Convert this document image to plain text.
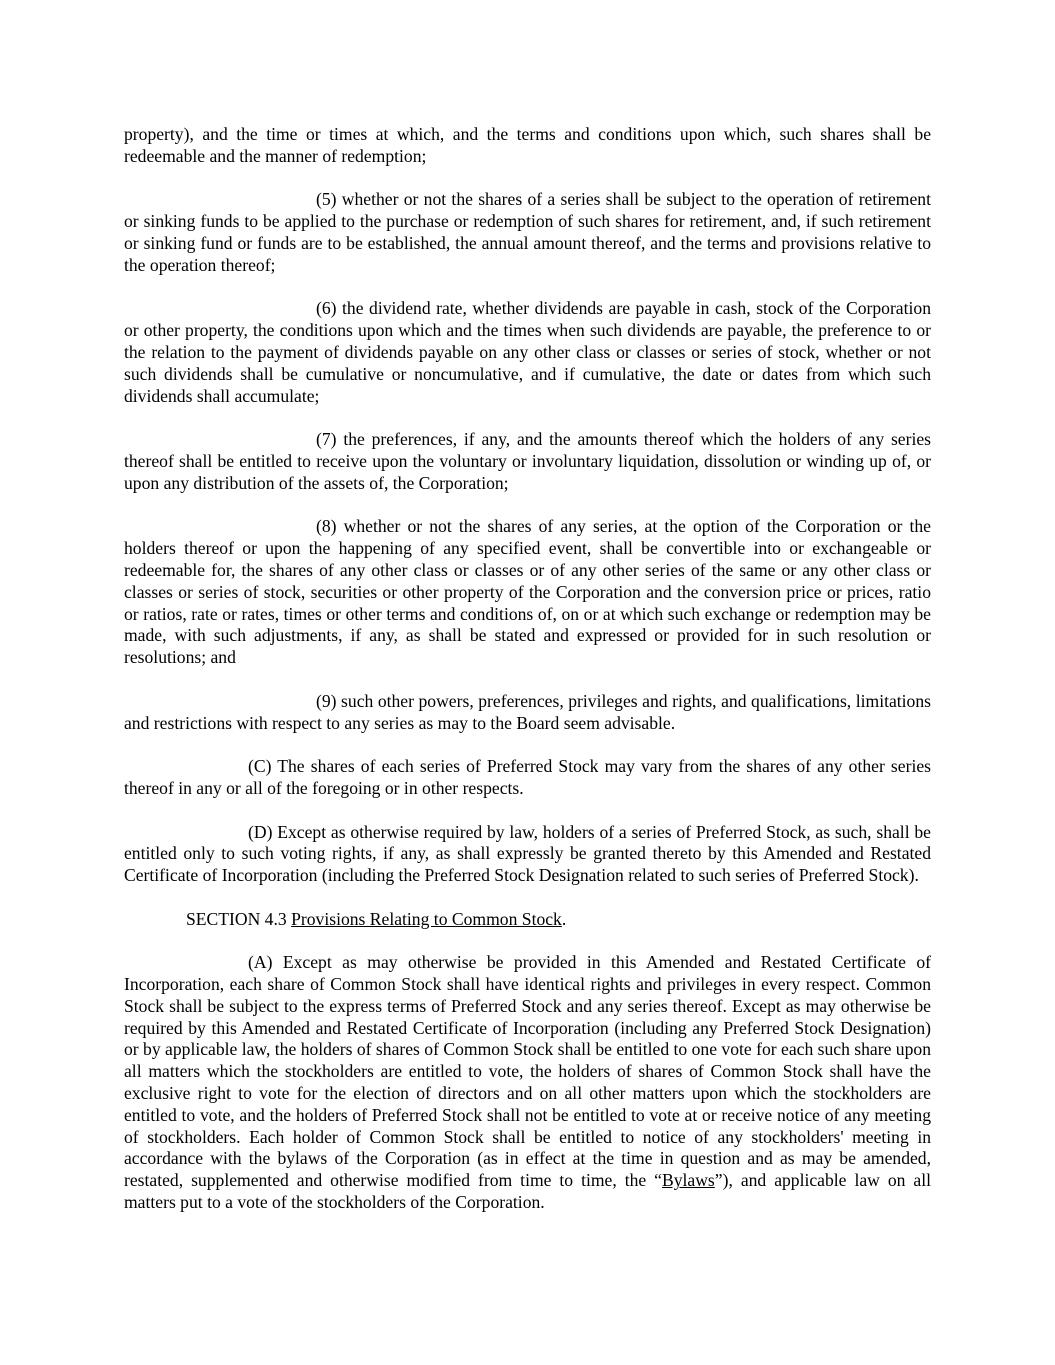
property), and the time or times at which, and the terms and conditions upon which, such shares shall be redeemable and the manner of redemption;

(5) whether or not the shares of a series shall be subject to the operation of retirement or sinking funds to be applied to the purchase or redemption of such shares for retirement, and, if such retirement or sinking fund or funds are to be established, the annual amount thereof, and the terms and provisions relative to the operation thereof;

(6) the dividend rate, whether dividends are payable in cash, stock of the Corporation or other property, the conditions upon which and the times when such dividends are payable, the preference to or the relation to the payment of dividends payable on any other class or classes or series of stock, whether or not such dividends shall be cumulative or noncumulative, and if cumulative, the date or dates from which such dividends shall accumulate;

(7) the preferences, if any, and the amounts thereof which the holders of any series thereof shall be entitled to receive upon the voluntary or involuntary liquidation, dissolution or winding up of, or upon any distribution of the assets of, the Corporation;

(8) whether or not the shares of any series, at the option of the Corporation or the holders thereof or upon the happening of any specified event, shall be convertible into or exchangeable or redeemable for, the shares of any other class or classes or of any other series of the same or any other class or classes or series of stock, securities or other property of the Corporation and the conversion price or prices, ratio or ratios, rate or rates, times or other terms and conditions of, on or at which such exchange or redemption may be made, with such adjustments, if any, as shall be stated and expressed or provided for in such resolution or resolutions; and

(9) such other powers, preferences, privileges and rights, and qualifications, limitations and restrictions with respect to any series as may to the Board seem advisable.

(C) The shares of each series of Preferred Stock may vary from the shares of any other series thereof in any or all of the foregoing or in other respects.

(D) Except as otherwise required by law, holders of a series of Preferred Stock, as such, shall be entitled only to such voting rights, if any, as shall expressly be granted thereto by this Amended and Restated Certificate of Incorporation (including the Preferred Stock Designation related to such series of Preferred Stock).

SECTION 4.3 Provisions Relating to Common Stock.

(A) Except as may otherwise be provided in this Amended and Restated Certificate of Incorporation, each share of Common Stock shall have identical rights and privileges in every respect. Common Stock shall be subject to the express terms of Preferred Stock and any series thereof. Except as may otherwise be required by this Amended and Restated Certificate of Incorporation (including any Preferred Stock Designation) or by applicable law, the holders of shares of Common Stock shall be entitled to one vote for each such share upon all matters which the stockholders are entitled to vote, the holders of shares of Common Stock shall have the exclusive right to vote for the election of directors and on all other matters upon which the stockholders are entitled to vote, and the holders of Preferred Stock shall not be entitled to vote at or receive notice of any meeting of stockholders. Each holder of Common Stock shall be entitled to notice of any stockholders' meeting in accordance with the bylaws of the Corporation (as in effect at the time in question and as may be amended, restated, supplemented and otherwise modified from time to time, the “Bylaws”), and applicable law on all matters put to a vote of the stockholders of the Corporation.
